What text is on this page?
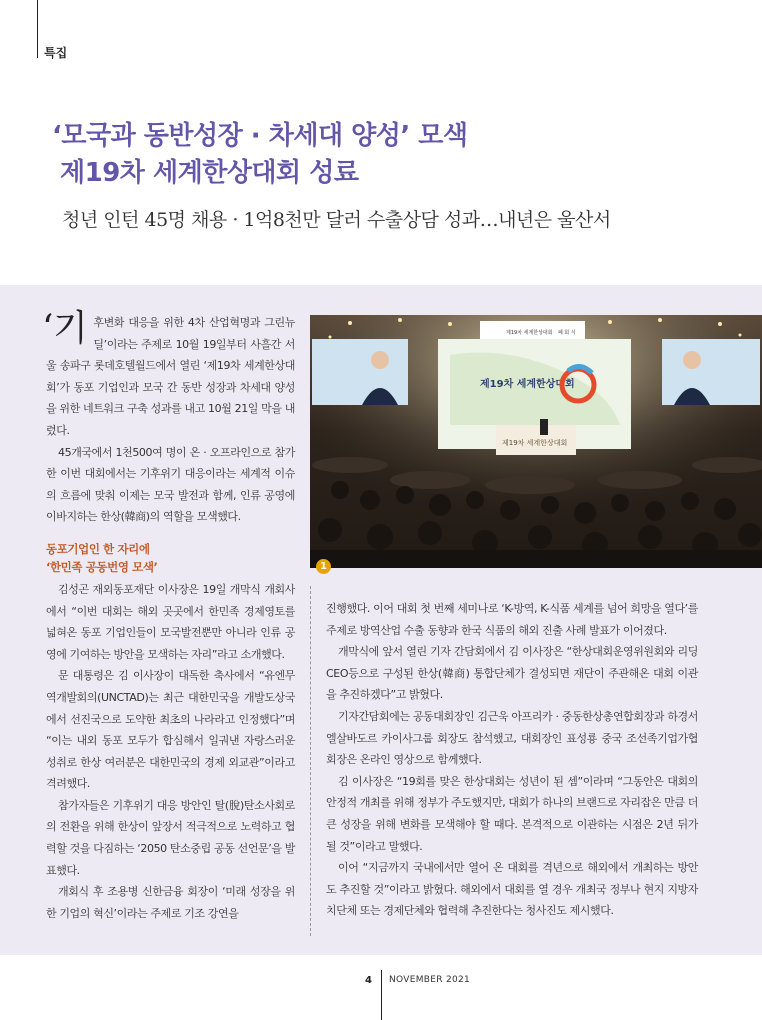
특집
‘모국과 동반성장 · 차세대 양성’ 모색
제19차 세계한상대회 성료
청년 인턴 45명 채용 · 1억8천만 달러 수출상담 성과…내년은 울산서

‘기후변화 대응을 위한 4차 산업혁명과 그린뉴딜’이라는 주제로 10월 19일부터 사흘간 서울 송파구 롯데호텔월드에서 열린 ‘제19차 세계한상대회’가 동포 기업인과 모국 간 동반 성장과 차세대 양성을 위한 네트워크 구축 성과를 내고 10월 21일 막을 내렸다.

45개국에서 1천500여 명이 온 · 오프라인으로 참가한 이번 대회에서는 기후위기 대응이라는 세계적 이슈의 흐름에 맞춰 이제는 모국 발전과 함께, 인류 공영에 이바지하는 한상(韓商)의 역할을 모색했다.

동포기업인 한 자리에
‘한민족 공동번영 모색’

김성곤 재외동포재단 이사장은 19일 개막식 개회사에서 “이번 대회는 해외 곳곳에서 한민족 경제영토를 넓혀온 동포 기업인들이 모국발전뿐만 아니라 인류 공영에 기여하는 방안을 모색하는 자리”라고 소개했다.

문 대통령은 김 이사장이 대독한 축사에서 “유엔무역개발회의(UNCTAD)는 최근 대한민국을 개발도상국에서 선진국으로 도약한 최초의 나라라고 인정했다”며 “이는 내외 동포 모두가 합심해서 일궈낸 자랑스러운 성취로 한상 여러분은 대한민국의 경제 외교관”이라고 격려했다.

참가자들은 기후위기 대응 방안인 탈(脫)탄소사회로의 전환을 위해 한상이 앞장서 적극적으로 노력하고 협력할 것을 다짐하는 ‘2050 탄소중립 공동 선언문’을 발표했다.

개회식 후 조용병 신한금융 회장이 ‘미래 성장을 위한 기업의 혁신’이라는 주제로 기조 강연을

제19차 세계한상대회 폐 회 식
제19차 세계한상대회
제19차 세계한상대회
1

진행했다. 이어 대회 첫 번째 세미나로 ‘K-방역, K-식품 세계를 넘어 희망을 열다’를 주제로 방역산업 수출 동향과 한국 식품의 해외 진출 사례 발표가 이어졌다.

개막식에 앞서 열린 기자 간담회에서 김 이사장은 “한상대회운영위원회와 리딩CEO등으로 구성된 한상(韓商) 통합단체가 결성되면 재단이 주관해온 대회 이관을 추진하겠다”고 밝혔다.

기자간담회에는 공동대회장인 김근욱 아프리카 · 중동한상총연합회장과 하경서 엘살바도르 카이사그룹 회장도 참석했고, 대회장인 표성룡 중국 조선족기업가협회장은 온라인 영상으로 함께했다.

김 이사장은 “19회를 맞은 한상대회는 성년이 된 셈”이라며 “그동안은 대회의 안정적 개최를 위해 정부가 주도했지만, 대회가 하나의 브랜드로 자리잡은 만큼 더 큰 성장을 위해 변화를 모색해야 할 때다. 본격적으로 이관하는 시점은 2년 뒤가 될 것”이라고 말했다.

이어 “지금까지 국내에서만 열어 온 대회를 격년으로 해외에서 개최하는 방안도 추진할 것”이라고 밝혔다. 해외에서 대회를 열 경우 개최국 정부나 현지 지방자치단체 또는 경제단체와 협력해 추진한다는 청사진도 제시했다.

4 NOVEMBER 2021
